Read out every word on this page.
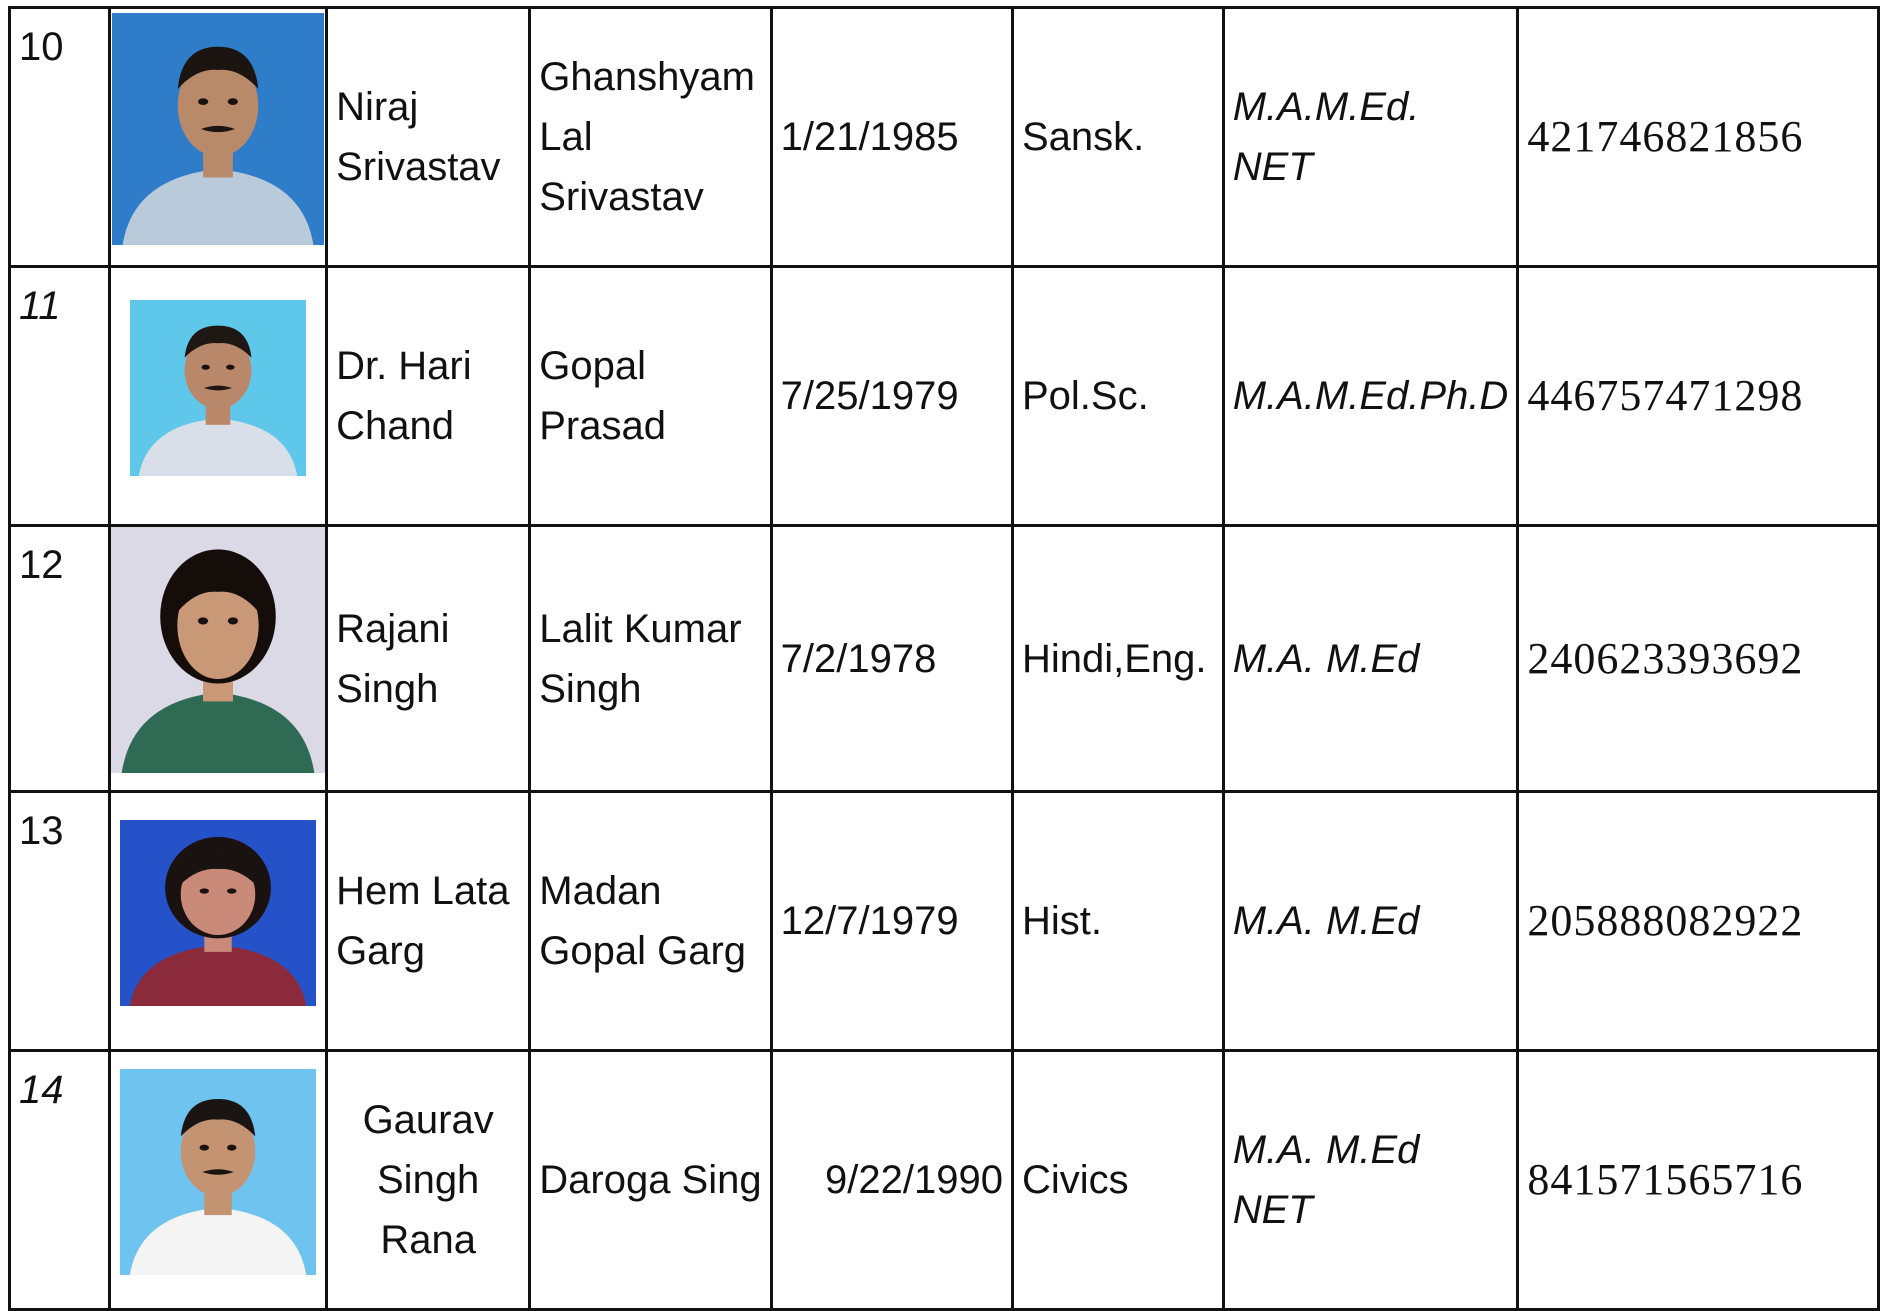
10		Niraj Srivastav	Ghanshyam Lal Srivastav	1/21/1985	Sansk.	M.A.M.Ed. NET	421746821856
11		Dr. Hari Chand	Gopal Prasad	7/25/1979	Pol.Sc.	M.A.M.Ed.Ph.D	446757471298
12		Rajani Singh	Lalit Kumar Singh	7/2/1978	Hindi,Eng.	M.A. M.Ed	240623393692
13		Hem Lata Garg	Madan Gopal Garg	12/7/1979	Hist.	M.A. M.Ed	205888082922
14		Gaurav Singh Rana	Daroga Sing	9/22/1990	Civics	M.A. M.Ed NET	841571565716
